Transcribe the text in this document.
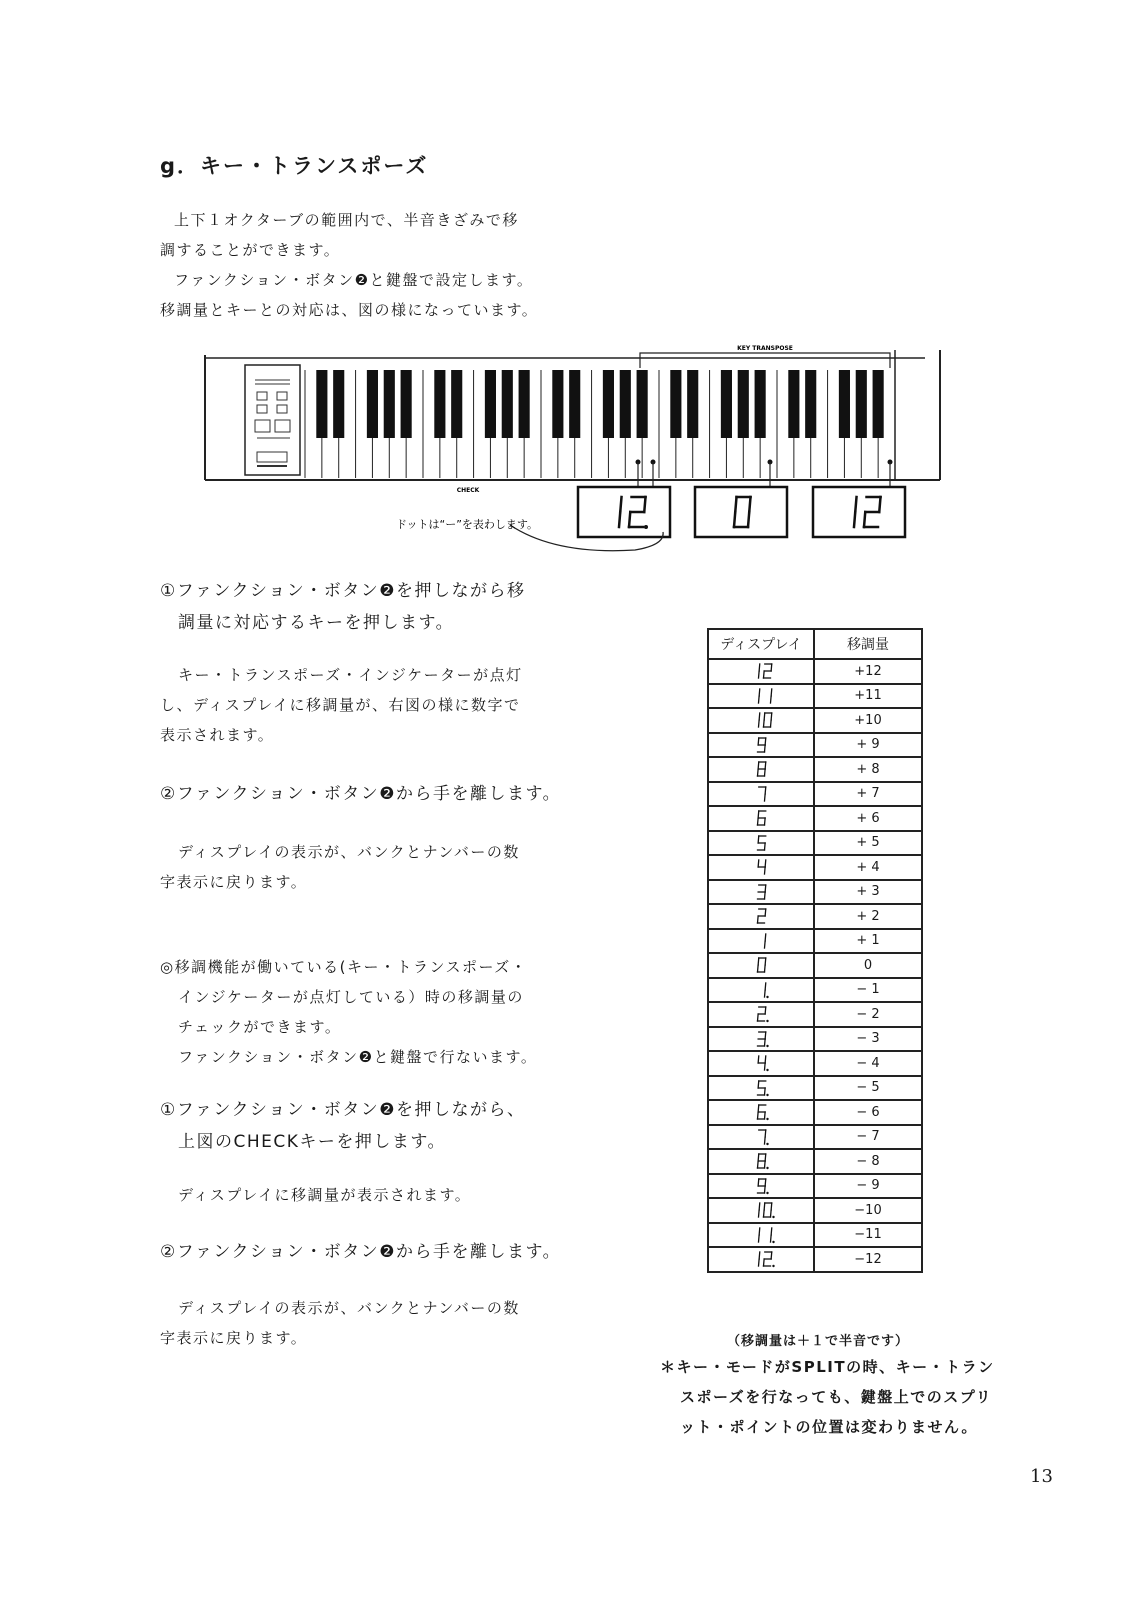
g．キー・トランスポーズ
上下１オクターブの範囲内で、半音きざみで移
調することができます。
ファンクション・ボタン❷と鍵盤で設定します。
移調量とキーとの対応は、図の様になっています。
KEY TRANSPOSE
CHECK
ドットは“ー”を表わします。
①ファンクション・ボタン❷を押しながら移
調量に対応するキーを押します。
キー・トランスポーズ・インジケーターが点灯
し、ディスプレイに移調量が、右図の様に数字で
表示されます。
②ファンクション・ボタン❷から手を離します。
ディスプレイの表示が、バンクとナンバーの数
字表示に戻ります。
◎移調機能が働いている(キー・トランスポーズ・
インジケーターが点灯している）時の移調量の
チェックができます。
ファンクション・ボタン❷と鍵盤で行ないます。
①ファンクション・ボタン❷を押しながら、
上図のCHECKキーを押します。
ディスプレイに移調量が表示されます。
②ファンクション・ボタン❷から手を離します。
ディスプレイの表示が、バンクとナンバーの数
字表示に戻ります。
ディスプレイ	移調量

	+12

	+11

	+10

	+ 9

	+ 8

	+ 7

	+ 6

	+ 5

	+ 4

	+ 3

	+ 2

	+ 1

	0

	− 1

	− 2

	− 3

	− 4

	− 5

	− 6

	− 7

	− 8

	− 9

	−10

	−11

	−12
（移調量は＋１で半音です）
＊キー・モードがSPLITの時、キー・トラン
スポーズを行なっても、鍵盤上でのスプリ
ット・ポイントの位置は変わりません。
13
